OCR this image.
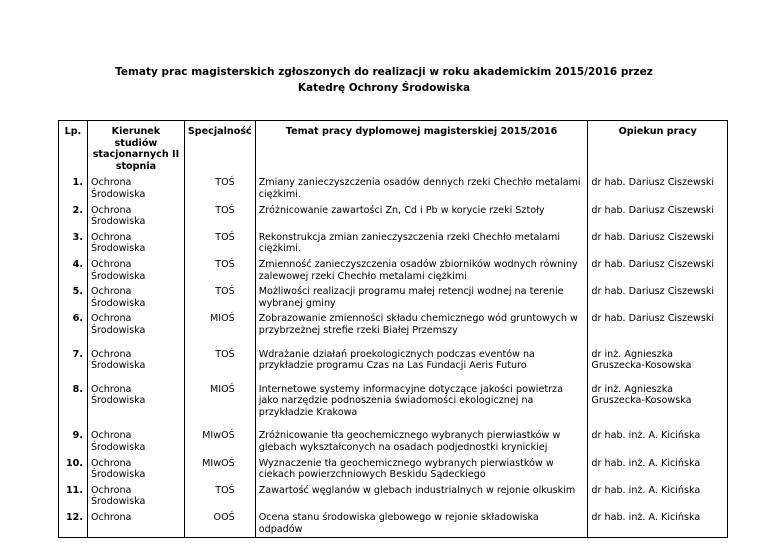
Tematy prac magisterskich zgłoszonych do realizacji w roku akademickim 2015/2016 przez
Katedrę Ochrony Środowiska
Lp.	Kierunek studiów stacjonarnych II stopnia	Specjalność	Temat pracy dyplomowej magisterskiej 2015/2016	Opiekun pracy
1.	Ochrona Środowiska	TOŚ	Zmiany zanieczyszczenia osadów dennych rzeki Chechło metalami ciężkimi.	dr hab. Dariusz Ciszewski
2.	Ochrona Środowiska	TOŚ	Zróżnicowanie zawartości Zn, Cd i Pb w korycie rzeki Sztoły	dr hab. Dariusz Ciszewski
3.	Ochrona Środowiska	TOŚ	Rekonstrukcja zmian zanieczyszczenia rzeki Chechło metalami ciężkimi.	dr hab. Dariusz Ciszewski
4.	Ochrona Środowiska	TOŚ	Zmienność zanieczyszczenia osadów zbiorników wodnych równiny zalewowej rzeki Chechło metalami ciężkimi	dr hab. Dariusz Ciszewski
5.	Ochrona Środowiska	TOŚ	Możliwości realizacji programu małej retencji wodnej na terenie wybranej gminy	dr hab. Dariusz Ciszewski
6.	Ochrona Środowiska	MIOŚ	Zobrazowanie zmienności składu chemicznego wód gruntowych w przybrzeżnej strefie rzeki Białej Przemszy	dr hab. Dariusz Ciszewski
7.	Ochrona Środowiska	TOŚ	Wdrażanie działań proekologicznych podczas eventów na przykładzie programu Czas na Las Fundacji Aeris Futuro	dr inż. Agnieszka Gruszecka-Kosowska
8.	Ochrona Środowiska	MIOŚ	Internetowe systemy informacyjne dotyczące jakości powietrza jako narzędzie podnoszenia świadomości ekologicznej na przykładzie Krakowa	dr inż. Agnieszka Gruszecka-Kosowska
9.	Ochrona Środowiska	MIwOŚ	Zróżnicowanie tła geochemicznego wybranych pierwiastków w glebach wykształconych na osadach podjednostki krynickiej	dr hab. inż. A. Kicińska
10.	Ochrona Środowiska	MIwOŚ	Wyznaczenie tła geochemicznego wybranych pierwiastków w ciekach powierzchniowych Beskidu Sądeckiego	dr hab. inż. A. Kicińska
11.	Ochrona Środowiska	TOŚ	Zawartość węglanów w glebach industrialnych w rejonie olkuskim	dr hab. inż. A. Kicińska
12.	Ochrona	OOŚ	Ocena stanu środowiska glebowego w rejonie składowiska odpadów	dr hab. inż. A. Kicińska
